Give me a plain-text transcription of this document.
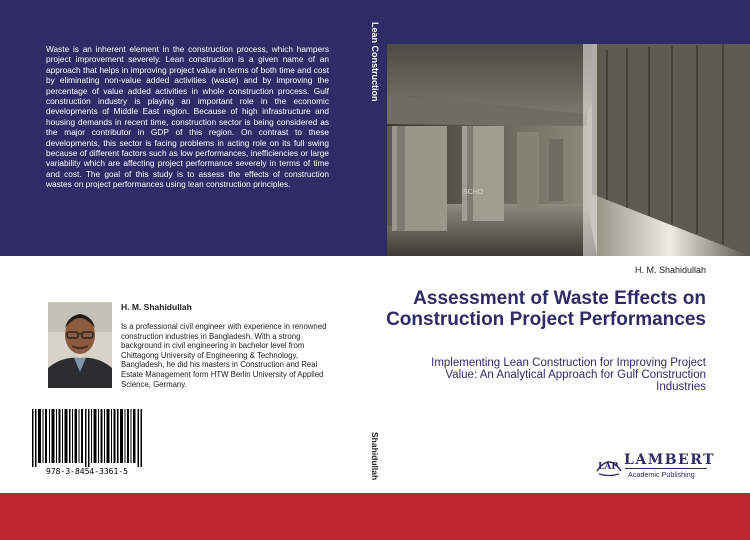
Waste is an inherent element in the construction process, which hampers project improvement severely. Lean construction is a given name of an approach that helps in improving project value in terms of both time and cost by eliminating non-value added activities (waste) and by improving the percentage of value added activities in whole construction process. Gulf construction industry is playing an important role in the economic developments of Middle East region. Because of high infrastructure and housing demands in recent time, construction sector is being considered as the major contributor in GDP of this region. On contrast to these developments, this sector is facing problems in acting role on its full swing because of different factors such as low performances, inefficiencies or large variability which are affecting project performance severely in terms of time and cost. The goal of this study is to assess the effects of construction wastes on project performances using lean construction principles.

Lean Construction
SCHO

H. M. Shahidullah

Assessment of Waste Effects on Construction Project Performances

Implementing Lean Construction for Improving Project Value: An Analytical Approach for Gulf Construction Industries

H. M. Shahidullah

Is a professional civil engineer with experience in renowned construction industries in Bangladesh. With a strong background in civil engineering in bachelor level from Chittagong University of Engineering & Technology, Bangladesh, he did his masters in Construction and Real Estate Management form HTW Berlin University of Applied Science, Germany.

978-3-8454-3361-5	Shahidullah	LAP LAMBERT
Academic Publishing
